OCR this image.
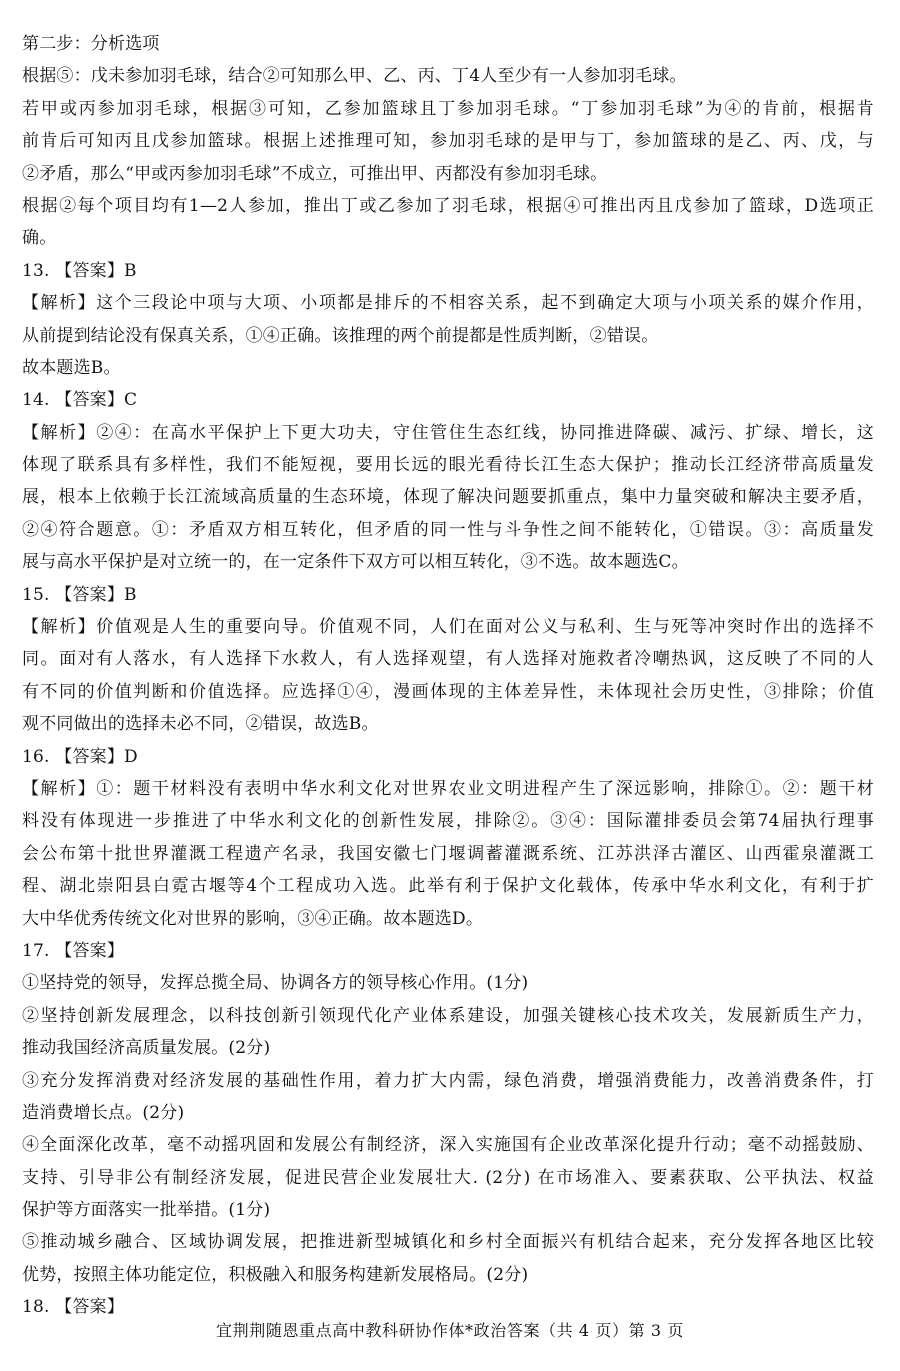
第二步：分析选项
根据⑤：戊未参加羽毛球，结合②可知那么甲、乙、丙、丁4人至少有一人参加羽毛球。
若甲或丙参加羽毛球，根据③可知，乙参加篮球且丁参加羽毛球。“丁参加羽毛球”为④的肯前，根据肯
前肯后可知丙且戊参加篮球。根据上述推理可知，参加羽毛球的是甲与丁，参加篮球的是乙、丙、戊，与
②矛盾，那么“甲或丙参加羽毛球”不成立，可推出甲、丙都没有参加羽毛球。
根据②每个项目均有1—2人参加，推出丁或乙参加了羽毛球，根据④可推出丙且戊参加了篮球，D选项正
确。
13. 【答案】B
【解析】这个三段论中项与大项、小项都是排斥的不相容关系，起不到确定大项与小项关系的媒介作用，
从前提到结论没有保真关系，①④正确。该推理的两个前提都是性质判断，②错误。
故本题选B。
14. 【答案】C
【解析】②④：在高水平保护上下更大功夫，守住管住生态红线，协同推进降碳、减污、扩绿、增长，这
体现了联系具有多样性，我们不能短视，要用长远的眼光看待长江生态大保护；推动长江经济带高质量发
展，根本上依赖于长江流域高质量的生态环境，体现了解决问题要抓重点，集中力量突破和解决主要矛盾，
②④符合题意。①：矛盾双方相互转化，但矛盾的同一性与斗争性之间不能转化，①错误。③：高质量发
展与高水平保护是对立统一的，在一定条件下双方可以相互转化，③不选。故本题选C。
15. 【答案】B
【解析】价值观是人生的重要向导。价值观不同，人们在面对公义与私利、生与死等冲突时作出的选择不
同。面对有人落水，有人选择下水救人，有人选择观望，有人选择对施救者冷嘲热讽，这反映了不同的人
有不同的价值判断和价值选择。应选择①④，漫画体现的主体差异性，未体现社会历史性，③排除；价值
观不同做出的选择未必不同，②错误，故选B。
16. 【答案】D
【解析】①：题干材料没有表明中华水利文化对世界农业文明进程产生了深远影响，排除①。②：题干材
料没有体现进一步推进了中华水利文化的创新性发展，排除②。③④：国际灌排委员会第74届执行理事
会公布第十批世界灌溉工程遗产名录，我国安徽七门堰调蓄灌溉系统、江苏洪泽古灌区、山西霍泉灌溉工
程、湖北崇阳县白霓古堰等4个工程成功入选。此举有利于保护文化载体，传承中华水利文化，有利于扩
大中华优秀传统文化对世界的影响，③④正确。故本题选D。
17. 【答案】
①坚持党的领导，发挥总揽全局、协调各方的领导核心作用。(1分)
②坚持创新发展理念，以科技创新引领现代化产业体系建设，加强关键核心技术攻关，发展新质生产力，
推动我国经济高质量发展。(2分)
③充分发挥消费对经济发展的基础性作用，着力扩大内需，绿色消费，增强消费能力，改善消费条件，打
造消费增长点。(2分)
④全面深化改革，毫不动摇巩固和发展公有制经济，深入实施国有企业改革深化提升行动；毫不动摇鼓励、
支持、引导非公有制经济发展，促进民营企业发展壮大. (2分) 在市场准入、要素获取、公平执法、权益
保护等方面落实一批举措。(1分)
⑤推动城乡融合、区域协调发展，把推进新型城镇化和乡村全面振兴有机结合起来，充分发挥各地区比较
优势，按照主体功能定位，积极融入和服务构建新发展格局。(2分)
18. 【答案】
宜荆荆随恩重点高中教科研协作体*政治答案（共 4 页）第 3 页
